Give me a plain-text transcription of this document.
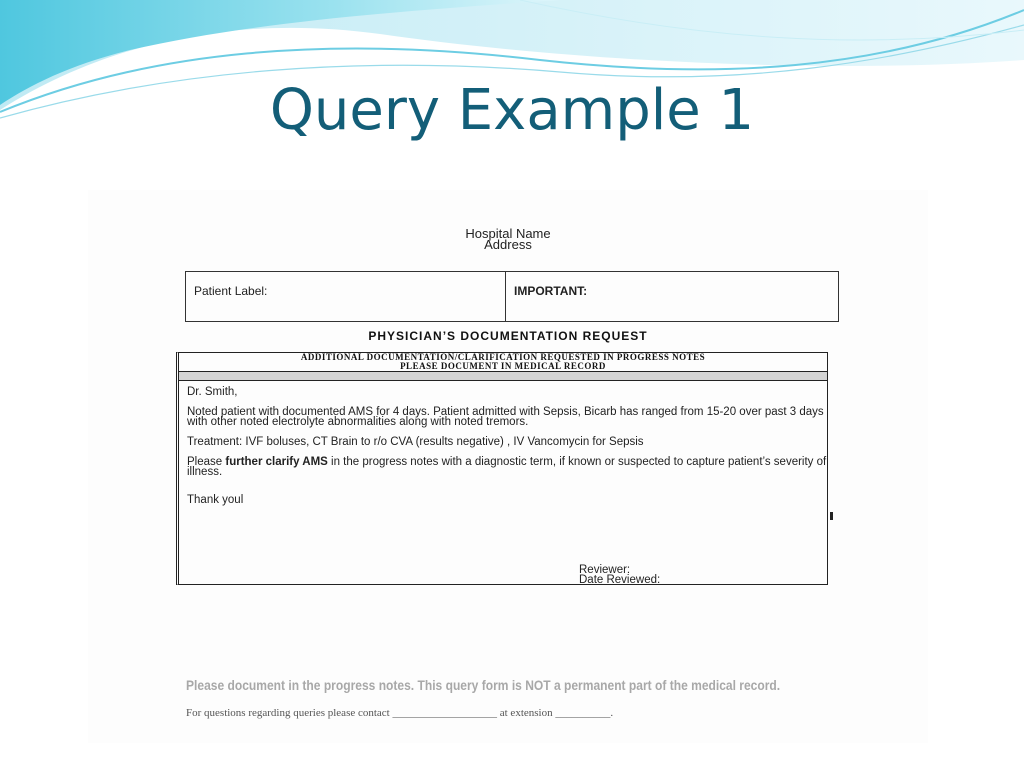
Query Example 1
Hospital Name
Address
Patient Label:	IMPORTANT:
PHYSICIAN’S DOCUMENTATION REQUEST
ADDITIONAL DOCUMENTATION/CLARIFICATION REQUESTED IN PROGRESS NOTES
PLEASE DOCUMENT IN MEDICAL RECORD

Dr. Smith,

Noted patient with documented AMS for 4 days. Patient admitted with Sepsis, Bicarb has ranged from 15-20 over past 3 days with other noted electrolyte abnormalities along with noted tremors.

Treatment: IVF boluses, CT Brain to r/o CVA (results negative) , IV Vancomycin for Sepsis

Please further clarify AMS in the progress notes with a diagnostic term, if known or suspected to capture patient’s severity of illness.

Thank youl

Reviewer:
Date Reviewed:
Please document in the progress notes. This query form is NOT a permanent part of the medical record.
For questions regarding queries please contact ___________________ at extension __________.
